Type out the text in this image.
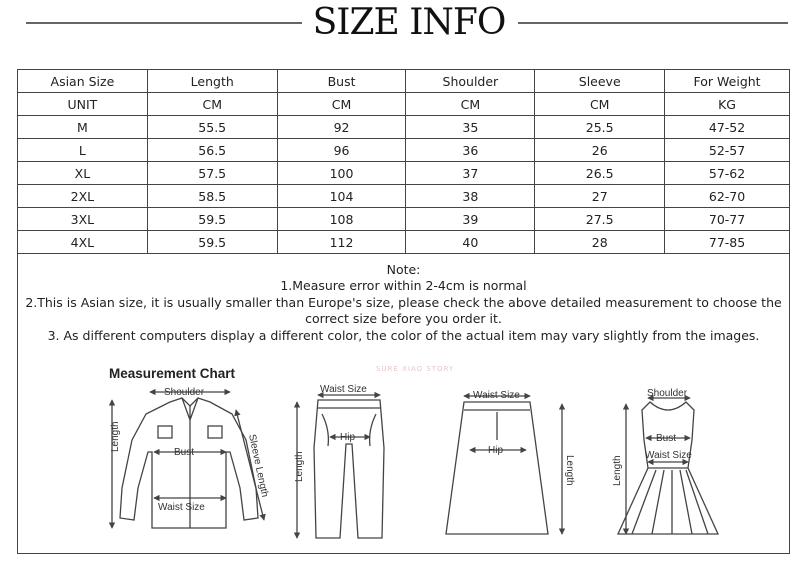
SIZE INFO
Asian Size	Length	Bust	Shoulder	Sleeve	For Weight
UNIT	CM	CM	CM	CM	KG
M	55.5	92	35	25.5	47-52
L	56.5	96	36	26	52-57
XL	57.5	100	37	26.5	57-62
2XL	58.5	104	38	27	62-70
3XL	59.5	108	39	27.5	70-77
4XL	59.5	112	40	28	77-85
Note:
1.Measure error within 2-4cm is normal
2.This is Asian size, it is usually smaller than Europe's size, please check the above detailed measurement to choose the correct size before you order it.
3. As different computers display a different color, the color of the actual item may vary slightly from the images.
Measurement Chart	SURE XIAO STORY
Shoulder
Bust
Waist Size
Length	Sleeve Length
Waist Size
Hip
Length
Waist Size
Hip
Length
Shoulder
Bust
Waist Size
Length
